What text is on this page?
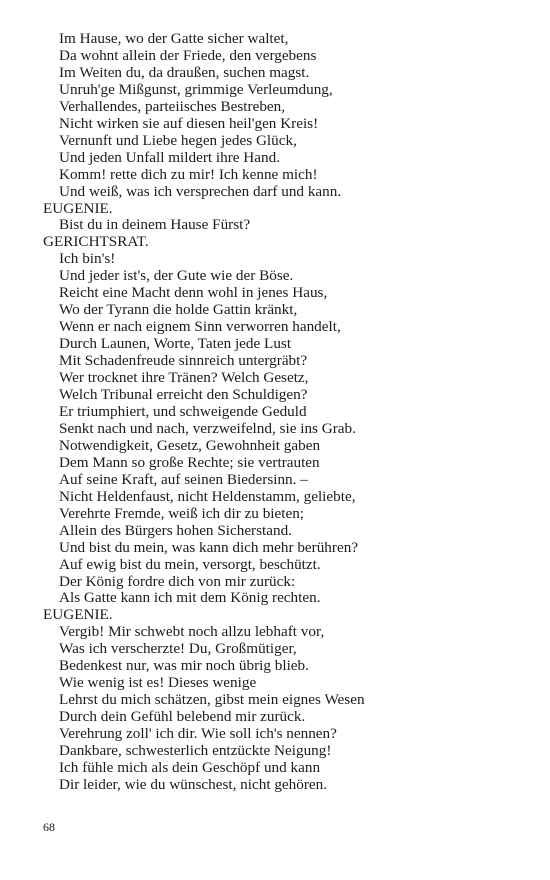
Im Hause, wo der Gatte sicher waltet,
Da wohnt allein der Friede, den vergebens
Im Weiten du, da draußen, suchen magst.
Unruh'ge Mißgunst, grimmige Verleumdung,
Verhallendes, parteiisches Bestreben,
Nicht wirken sie auf diesen heil'gen Kreis!
Vernunft und Liebe hegen jedes Glück,
Und jeden Unfall mildert ihre Hand.
Komm! rette dich zu mir! Ich kenne mich!
Und weiß, was ich versprechen darf und kann.
EUGENIE.
Bist du in deinem Hause Fürst?
GERICHTSRAT.
Ich bin's!
Und jeder ist's, der Gute wie der Böse.
Reicht eine Macht denn wohl in jenes Haus,
Wo der Tyrann die holde Gattin kränkt,
Wenn er nach eignem Sinn verworren handelt,
Durch Launen, Worte, Taten jede Lust
Mit Schadenfreude sinnreich untergräbt?
Wer trocknet ihre Tränen? Welch Gesetz,
Welch Tribunal erreicht den Schuldigen?
Er triumphiert, und schweigende Geduld
Senkt nach und nach, verzweifelnd, sie ins Grab.
Notwendigkeit, Gesetz, Gewohnheit gaben
Dem Mann so große Rechte; sie vertrauten
Auf seine Kraft, auf seinen Biedersinn. –
Nicht Heldenfaust, nicht Heldenstamm, geliebte,
Verehrte Fremde, weiß ich dir zu bieten;
Allein des Bürgers hohen Sicherstand.
Und bist du mein, was kann dich mehr berühren?
Auf ewig bist du mein, versorgt, beschützt.
Der König fordre dich von mir zurück:
Als Gatte kann ich mit dem König rechten.
EUGENIE.
Vergib! Mir schwebt noch allzu lebhaft vor,
Was ich verscherzte! Du, Großmütiger,
Bedenkest nur, was mir noch übrig blieb.
Wie wenig ist es! Dieses wenige
Lehrst du mich schätzen, gibst mein eignes Wesen
Durch dein Gefühl belebend mir zurück.
Verehrung zoll' ich dir. Wie soll ich's nennen?
Dankbare, schwesterlich entzückte Neigung!
Ich fühle mich als dein Geschöpf und kann
Dir leider, wie du wünschest, nicht gehören.
68
